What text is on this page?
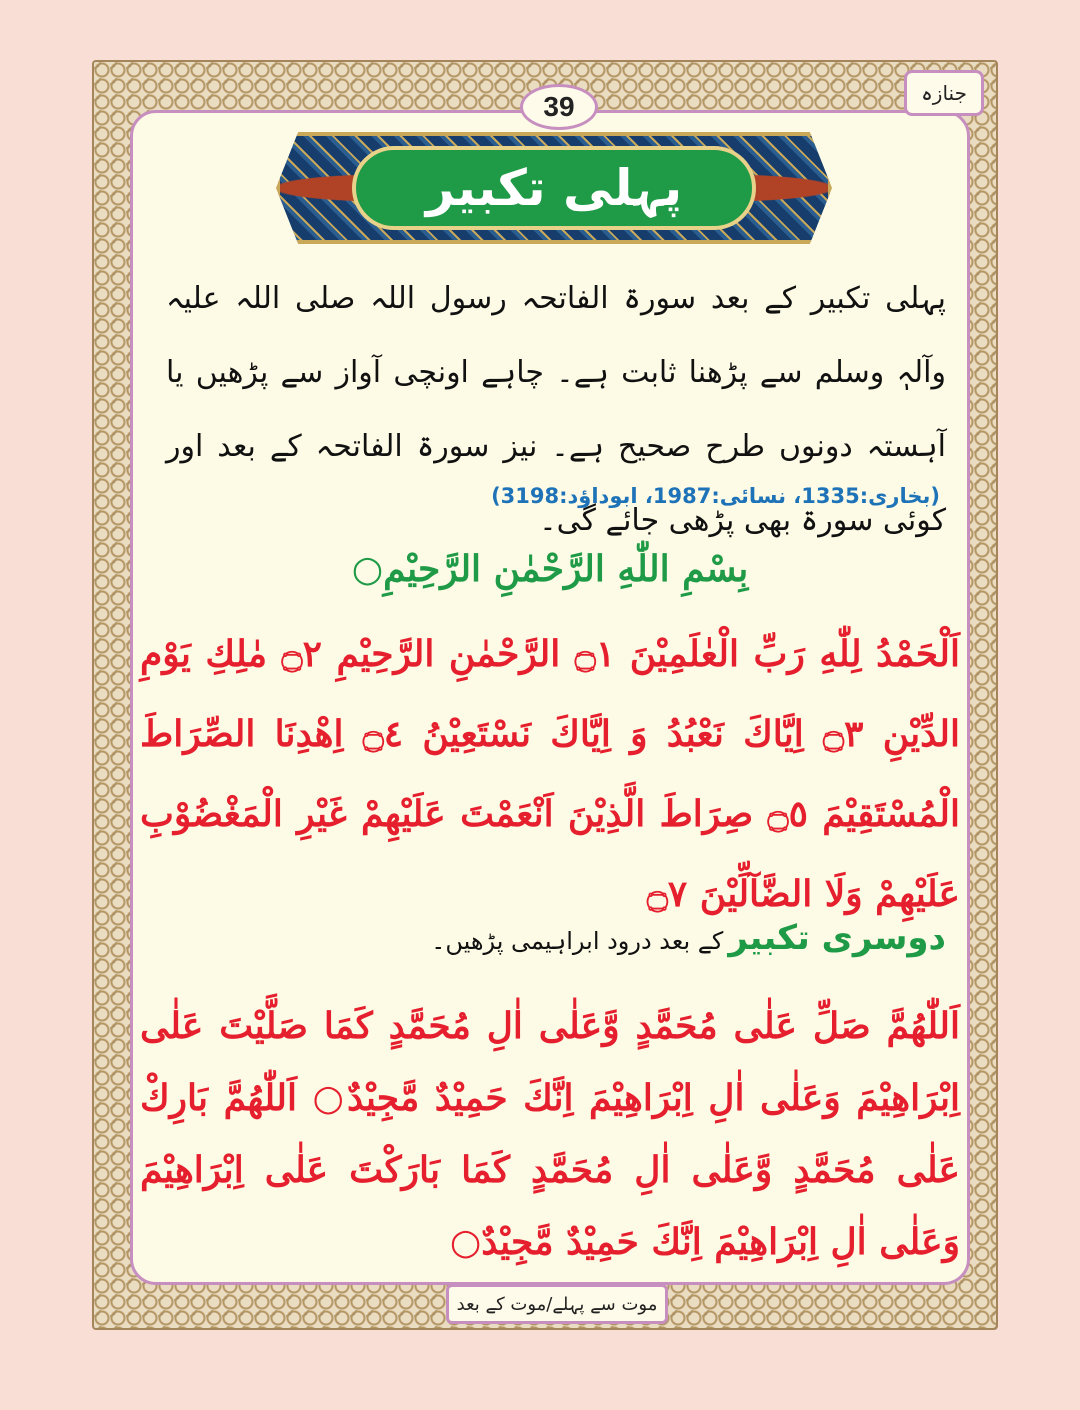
جنازہ
39
پہلی تکبیر

پہلی تکبیر کے بعد سورۃ الفاتحہ رسول اللہ صلی اللہ علیہ وآلہٖ وسلم سے پڑھنا ثابت ہے۔ چاہے اونچی آواز سے پڑھیں یا آہستہ دونوں طرح صحیح ہے۔ نیز سورۃ الفاتحہ کے بعد اور کوئی سورۃ بھی پڑھی جائے گی۔

(بخاری:1335، نسائی:1987، ابوداؤد:3198)

بِسْمِ اللّٰهِ الرَّحْمٰنِ الرَّحِيْمِ○

اَلْحَمْدُ لِلّٰهِ رَبِّ الْعٰلَمِيْنَ ۝١ الرَّحْمٰنِ الرَّحِيْمِ ۝٢ مٰلِكِ يَوْمِ الدِّيْنِ ۝٣ اِيَّاكَ نَعْبُدُ وَ اِيَّاكَ نَسْتَعِيْنُ ۝٤ اِهْدِنَا الصِّرَاطَ الْمُسْتَقِيْمَ ۝٥ صِرَاطَ الَّذِيْنَ اَنْعَمْتَ عَلَيْهِمْ غَيْرِ الْمَغْضُوْبِ عَلَيْهِمْ وَلَا الضَّآلِّيْنَ ۝٧

دوسری تکبیر کے بعد درود ابراہیمی پڑھیں۔

اَللّٰهُمَّ صَلِّ عَلٰى مُحَمَّدٍ وَّعَلٰى اٰلِ مُحَمَّدٍ كَمَا صَلَّيْتَ عَلٰى اِبْرَاهِيْمَ وَعَلٰى اٰلِ اِبْرَاهِيْمَ اِنَّكَ حَمِيْدٌ مَّجِيْدٌ○ اَللّٰهُمَّ بَارِكْ عَلٰى مُحَمَّدٍ وَّعَلٰى اٰلِ مُحَمَّدٍ كَمَا بَارَكْتَ عَلٰى اِبْرَاهِيْمَ وَعَلٰى اٰلِ اِبْرَاهِيْمَ اِنَّكَ حَمِيْدٌ مَّجِيْدٌ○

موت سے پہلے/موت کے بعد
